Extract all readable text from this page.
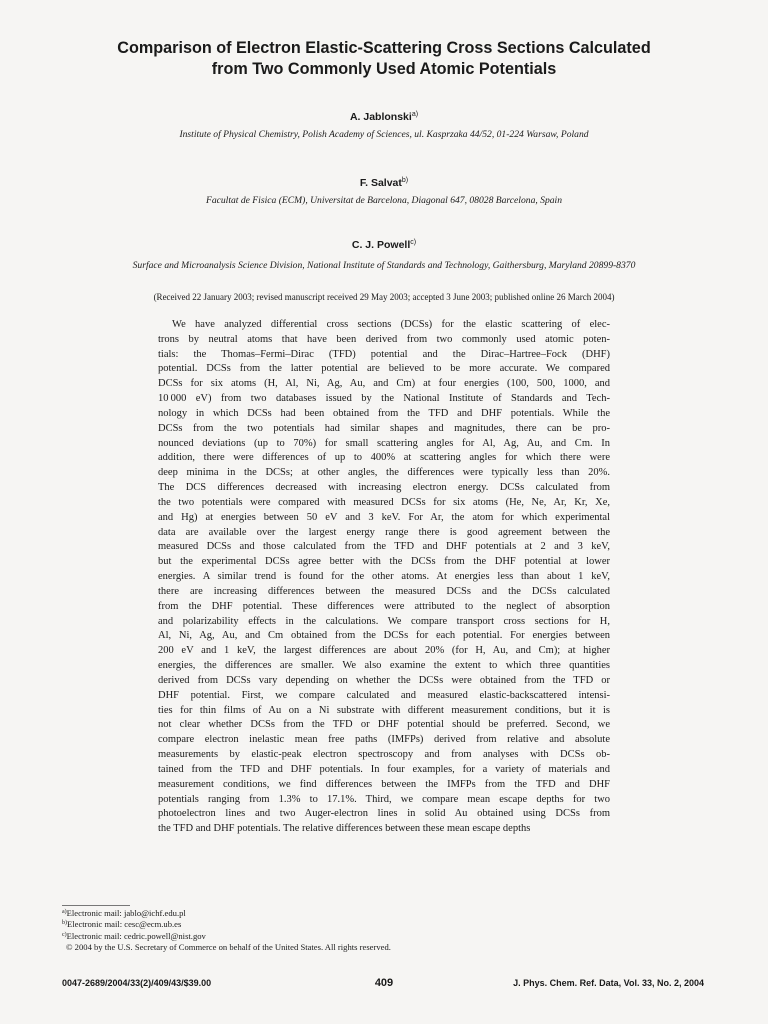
Comparison of Electron Elastic-Scattering Cross Sections Calculated
from Two Commonly Used Atomic Potentials

A. Jablonski$^{a)}$

Institute of Physical Chemistry, Polish Academy of Sciences, ul. Kasprzaka 44/52, 01-224 Warsaw, Poland

F. Salvat$^{b)}$

Facultat de Fisica (ECM), Universitat de Barcelona, Diagonal 647, 08028 Barcelona, Spain

C. J. Powell$^{c)}$

Surface and Microanalysis Science Division, National Institute of Standards and Technology, Gaithersburg, Maryland 20899-8370

(Received 22 January 2003; revised manuscript received 29 May 2003; accepted 3 June 2003; published online 26 March 2004)

We have analyzed differential cross sections (DCSs) for the elastic scattering of elec-
trons by neutral atoms that have been derived from two commonly used atomic poten-
tials: the Thomas–Fermi–Dirac (TFD) potential and the Dirac–Hartree–Fock (DHF)
potential. DCSs from the latter potential are believed to be more accurate. We compared
DCSs for six atoms (H, Al, Ni, Ag, Au, and Cm) at four energies (100, 500, 1000, and
10 000 eV) from two databases issued by the National Institute of Standards and Tech-
nology in which DCSs had been obtained from the TFD and DHF potentials. While the
DCSs from the two potentials had similar shapes and magnitudes, there can be pro-
nounced deviations (up to 70%) for small scattering angles for Al, Ag, Au, and Cm. In
addition, there were differences of up to 400% at scattering angles for which there were
deep minima in the DCSs; at other angles, the differences were typically less than 20%.
The DCS differences decreased with increasing electron energy. DCSs calculated from
the two potentials were compared with measured DCSs for six atoms (He, Ne, Ar, Kr, Xe,
and Hg) at energies between 50 eV and 3 keV. For Ar, the atom for which experimental
data are available over the largest energy range there is good agreement between the
measured DCSs and those calculated from the TFD and DHF potentials at 2 and 3 keV,
but the experimental DCSs agree better with the DCSs from the DHF potential at lower
energies. A similar trend is found for the other atoms. At energies less than about 1 keV,
there are increasing differences between the measured DCSs and the DCSs calculated
from the DHF potential. These differences were attributed to the neglect of absorption
and polarizability effects in the calculations. We compare transport cross sections for H,
Al, Ni, Ag, Au, and Cm obtained from the DCSs for each potential. For energies between
200 eV and 1 keV, the largest differences are about 20% (for H, Au, and Cm); at higher
energies, the differences are smaller. We also examine the extent to which three quantities
derived from DCSs vary depending on whether the DCSs were obtained from the TFD or
DHF potential. First, we compare calculated and measured elastic-backscattered intensi-
ties for thin films of Au on a Ni substrate with different measurement conditions, but it is
not clear whether DCSs from the TFD or DHF potential should be preferred. Second, we
compare electron inelastic mean free paths (IMFPs) derived from relative and absolute
measurements by elastic-peak electron spectroscopy and from analyses with DCSs ob-
tained from the TFD and DHF potentials. In four examples, for a variety of materials and
measurement conditions, we find differences between the IMFPs from the TFD and DHF
potentials ranging from 1.3% to 17.1%. Third, we compare mean escape depths for two
photoelectron lines and two Auger-electron lines in solid Au obtained using DCSs from
the TFD and DHF potentials. The relative differences between these mean escape depths
$^{a)}$Electronic mail: jablo@ichf.edu.pl
$^{b)}$Electronic mail: cesc@ecm.ub.es
$^{c)}$Electronic mail: cedric.powell@nist.gov
© 2004 by the U.S. Secretary of Commerce on behalf of the United States. All rights reserved.

0047-2689/2004/33(2)/409/43/$39.00	409	J. Phys. Chem. Ref. Data, Vol. 33, No. 2, 2004
